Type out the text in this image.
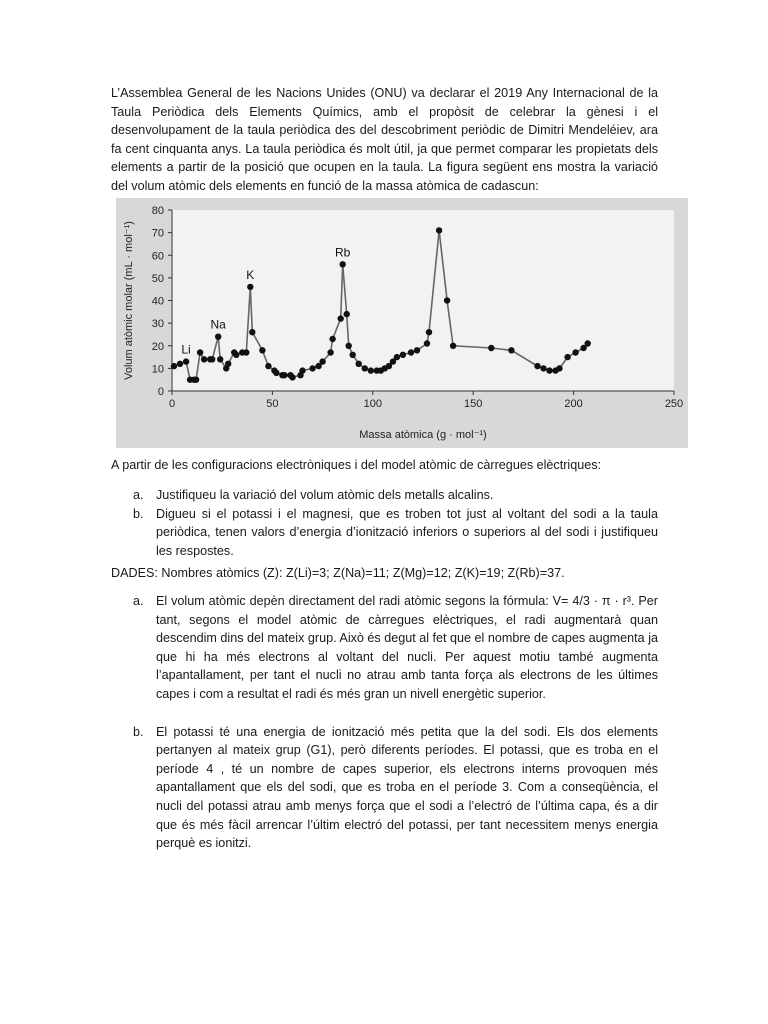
L’Assemblea General de les Nacions Unides (ONU) va declarar el 2019 Any Internacional de la Taula Periòdica dels Elements Químics, amb el propòsit de celebrar la gènesi i el desenvolupament de la taula periòdica des del descobriment periòdic de Dimitri Mendeléiev, ara fa cent cinquanta anys. La taula periòdica és molt útil, ja que permet comparar les propietats dels elements a partir de la posició que ocupen en la taula. La figura següent ens mostra la variació del volum atòmic dels elements en funció de la massa atòmica de cadascun:

0	50	100	150	200	250
0
10
20
30
40
50
60
70
80
Li
Na
K
Rb
Massa atòmica (g · mol⁻¹)
Volum atòmic molar (mL · mol⁻¹)

A partir de les configuracions electròniques i del model atòmic de càrregues elèctriques:

a. Justifiqueu la variació del volum atòmic dels metalls alcalins.
b. Digueu si el potassi i el magnesi, que es troben tot just al voltant del sodi a la taula periòdica, tenen valors d’energia d’ionització inferiors o superiors al del sodi i justifiqueu les respostes.

DADES: Nombres atòmics (Z): Z(Li)=3; Z(Na)=11; Z(Mg)=12; Z(K)=19; Z(Rb)=37.

a. El volum atòmic depèn directament del radi atòmic segons la fórmula: V= 4/3 · π · r³. Per tant, segons el model atòmic de càrregues elèctriques, el radi augmentarà quan descendim dins del mateix grup. Això és degut al fet que el nombre de capes augmenta ja que hi ha més electrons al voltant del nucli. Per aquest motiu també augmenta l’apantallament, per tant el nucli no atrau amb tanta força als electrons de les últimes capes i com a resultat el radi és més gran un nivell energètic superior.
b. El potassi té una energia de ionització més petita que la del sodi. Els dos elements pertanyen al mateix grup (G1), però diferents períodes. El potassi, que es troba en el període 4 , té un nombre de capes superior, els electrons interns provoquen més apantallament que els del sodi, que es troba en el període 3. Com a conseqüència, el nucli del potassi atrau amb menys força que el sodi a l’electró de l’última capa, és a dir que és més fàcil arrencar l’últim electró del potassi, per tant necessitem menys energia perquè es ionitzi.
